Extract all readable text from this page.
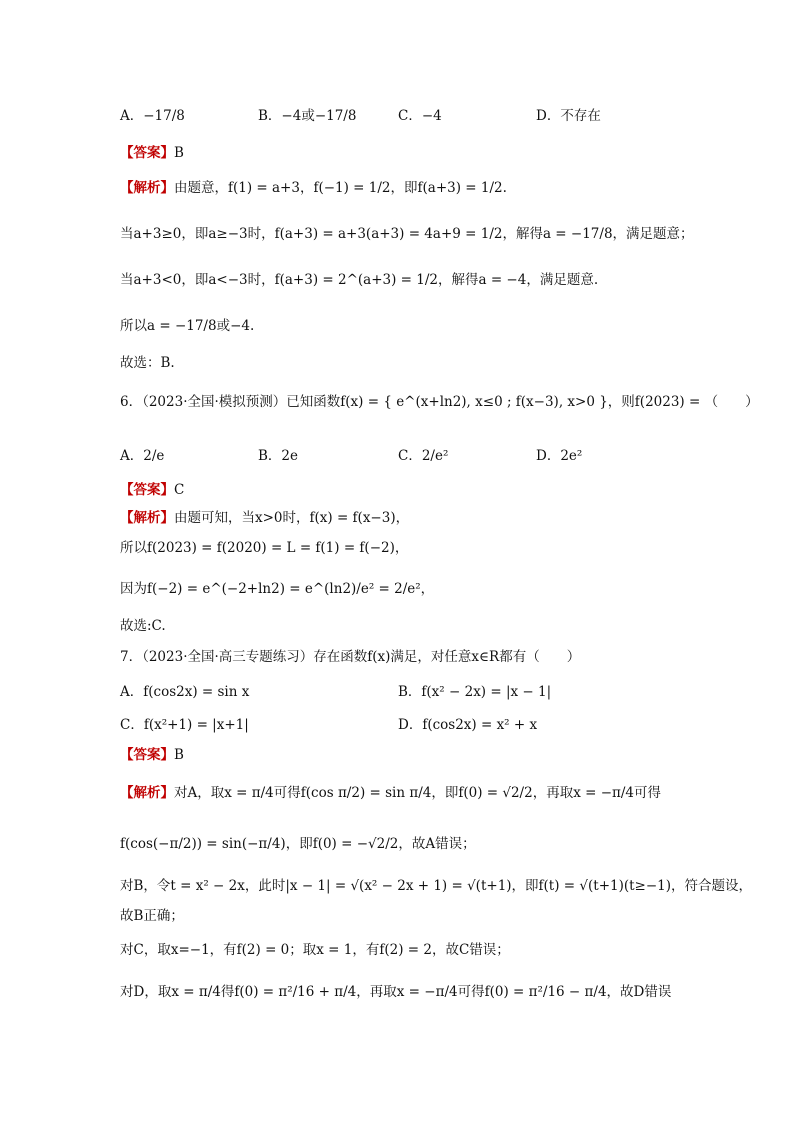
A．−17/8	B．−4或−17/8	C．−4	D．不存在
【答案】B
【解析】由题意，f(1) = a+3，f(−1) = 1/2，即f(a+3) = 1/2.
当a+3≥0，即a≥−3时，f(a+3) = a+3(a+3) = 4a+9 = 1/2，解得a = −17/8，满足题意；
当a+3<0，即a<−3时，f(a+3) = 2^(a+3) = 1/2，解得a = −4，满足题意.
所以a = −17/8或−4.
故选：B.
6．（2023·全国·模拟预测）已知函数f(x) = { e^(x+ln2), x≤0 ; f(x−3), x>0 }，则f(2023) = （　　）
A．2/e	B．2e	C．2/e²	D．2e²
【答案】C
【解析】由题可知，当x>0时，f(x) = f(x−3)，
所以f(2023) = f(2020) = L = f(1) = f(−2)，
因为f(−2) = e^(−2+ln2) = e^(ln2)/e² = 2/e²，
故选:C.
7．（2023·全国·高三专题练习）存在函数f(x)满足，对任意x∈R都有（　　）
A．f(cos2x) = sin x	B．f(x² − 2x) = |x − 1|
C．f(x²+1) = |x+1|	D．f(cos2x) = x² + x
【答案】B
【解析】对A，取x = π/4可得f(cos π/2) = sin π/4，即f(0) = √2/2，再取x = −π/4可得
f(cos(−π/2)) = sin(−π/4)，即f(0) = −√2/2，故A错误；
对B，令t = x² − 2x，此时|x − 1| = √(x² − 2x + 1) = √(t+1)，即f(t) = √(t+1)(t≥−1)，符合题设，
故B正确；
对C，取x=−1，有f(2) = 0；取x = 1，有f(2) = 2，故C错误；
对D，取x = π/4得f(0) = π²/16 + π/4，再取x = −π/4可得f(0) = π²/16 − π/4，故D错误
